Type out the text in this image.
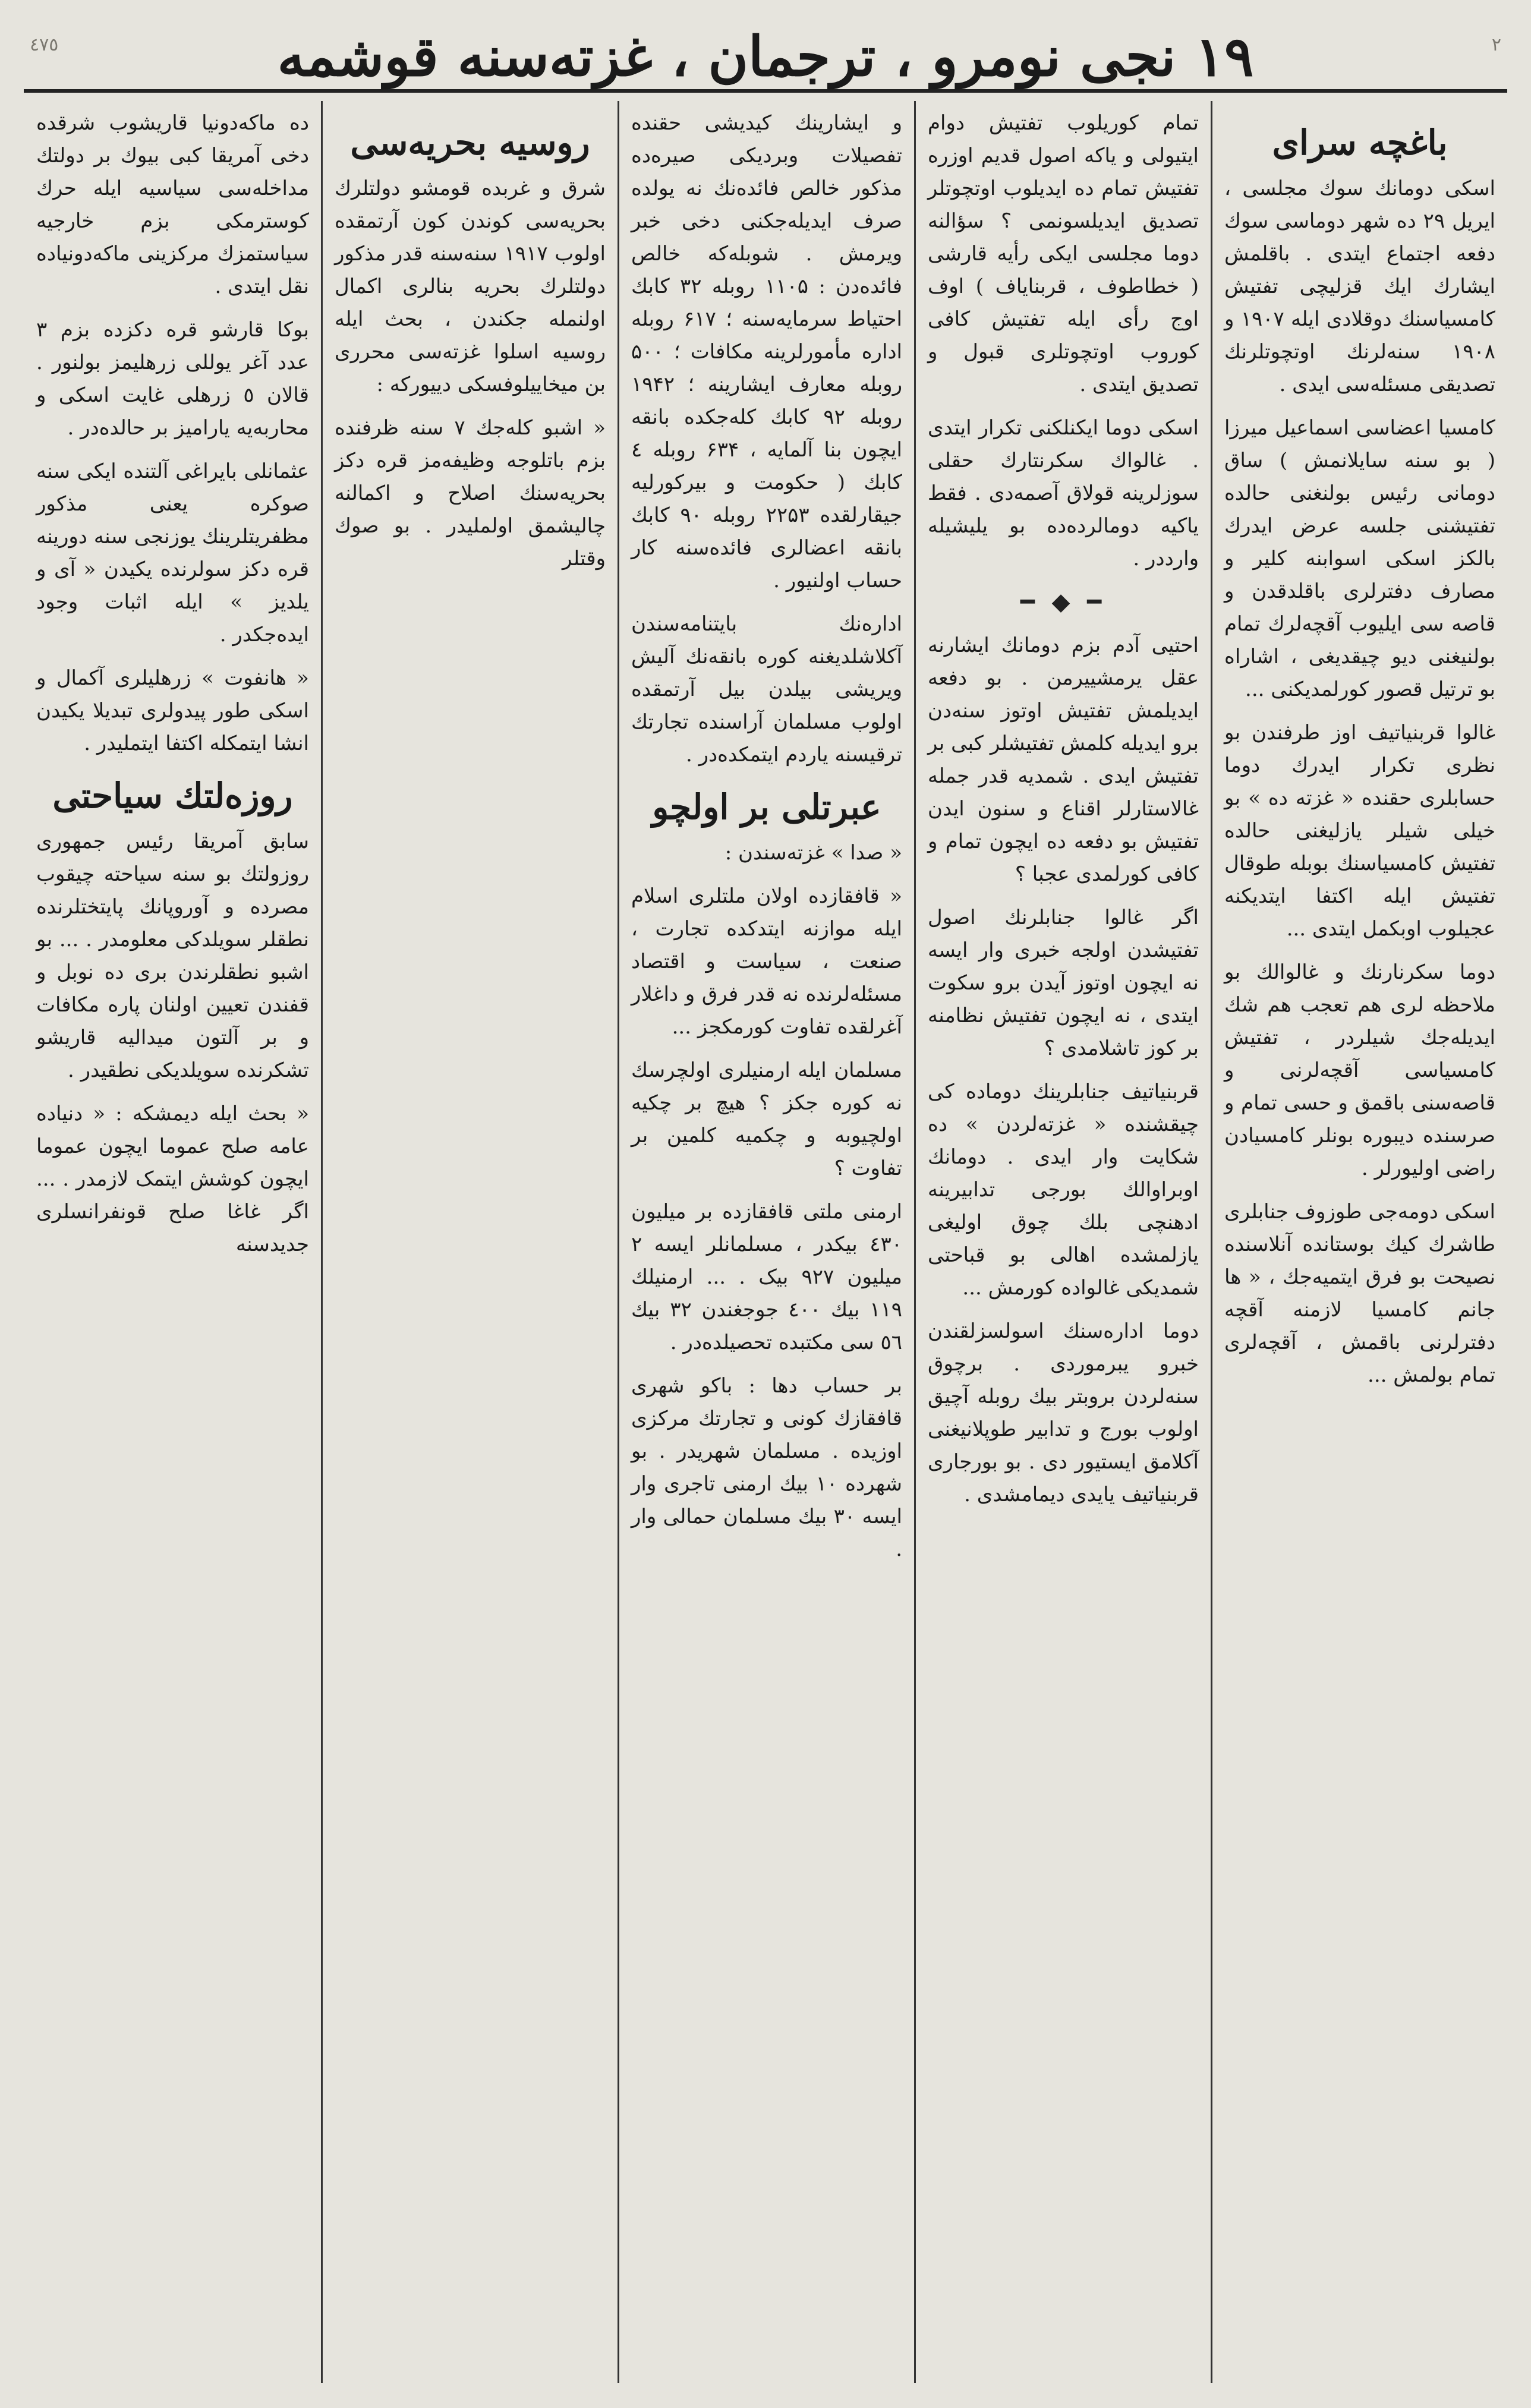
٤٧٥	١٩ نجی نومرو ، ترجمان ، غزتەسنە قوشمە	٢
باغچه سرای

اسکی دومانك سوك مجلسی ، ایریل ۲۹ ده شهر دوماسی سوك دفعه اجتماع ایتدی . باقلمش ایشارك ایك قزلیچی تفتیش کامسیاسنك دوقلادی ایله ۱۹۰۷ و ۱۹۰۸ سنەلرنك اوتچوتلرنك تصدیقی مسئلەسی ایدی .

کامسیا اعضاسی اسماعیل میرزا ( بو سنه سایلانمش ) ساق دومانی رئیس بولنغنی حالده تفتیشنی جلسه عرض ایدرك بالکز اسکی اسوابنه کلیر و مصارف دفترلری باقلدقدن و قاصه سی ایلیوب آقچەلرك تمام بولنیغنی دیو چیقدیغی ، اشاراه بو ترتیل قصور کورلمدیکنی ...

غالوا قربنیاتیف اوز طرفندن بو نظری تکرار ایدرك دوما حسابلری حقنده « غزته ده » بو خیلی شیلر یازلیغنی حالده تفتیش کامسیاسنك بوبله طوقال تفتیش ایله اکتفا ایتدیکنه عجیلوب اوبکمل ایتدی ...

دوما سکرنارنك و غالوالك بو ملاحظه لری هم تعجب هم شك ایدیلەجك شیلردر ، تفتیش کامسیاسی آقچەلرنی و قاصەسنی باقمق و حسی تمام و صرسنده دیبوره بونلر کامسیادن راضی اولیورلر .

اسکی دومەجی طوزوف جنابلری طاشرك کیك بوستانده آنلاسنده نصیحت بو فرق ایتمیەجك ، « ها جانم کامسیا لازمنه آقچه دفترلرنی باقمش ، آقچەلری تمام بولمش ...

تمام کوریلوب تفتیش دوام ایتیولی و یاکه اصول قدیم اوزره تفتیش تمام ده ایدیلوب اوتچوتلر تصدیق ایدیلسونمی ؟ سؤالنه دوما مجلسی ایکی رأیه قارشی ( خطاطوف ، قربنایاف ) اوف اوج رأی ایله تفتیش کافی کوروب اوتچوتلری قبول و تصدیق ایتدی .

اسکی دوما ایکنلکنی تکرار ایتدی . غالواك سکرنتارك حقلی سوزلرینه قولاق آصمەدی . فقط یاکیه دومالردەده بو یلیشیله وارددر .

━ ◆ ━

احتیی آدم بزم دومانك ایشارنه عقل یرمشییرمن . بو دفعه ایدیلمش تفتیش اوتوز سنەدن برو ایدیله کلمش تفتیشلر کبی بر تفتیش ایدی . شمدیه قدر جمله غالاستارلر اقناع و سنون ایدن تفتیش بو دفعه ده ایچون تمام و کافی کورلمدی عجبا ؟

اگر غالوا جنابلرنك اصول تفتیشدن اولجه خبری وار ایسه نه ایچون اوتوز آیدن برو سکوت ایتدی ، نه ایچون تفتیش نظامنه بر کوز تاشلامدی ؟

قربنیاتیف جنابلرینك دومادە کی چیقشنده « غزتەلردن » ده شکایت وار ایدی . دومانك اوبراوالك بورجی تدابیرینه ادھنچی بلك چوق اولیغی یازلمشده اهالی بو قباحتی شمدیکی غالوادە کورمش ...

دوما ادارەسنك اسولسزلقندن خبرو یبرموردی . برچوق سنەلردن بروبتر بیك روبلە آچیق اولوب بورج و تدابیر طوپلانیغنی آکلامق ایستیور دی . بو بورجاری قربنیاتیف یایدی دیمامشدی .

و ایشارینك کیدیشی حقنده تفصیلات وبردیکی صیرەده مذکور خالص فائدەنك نه یولده صرف ایدیلەجکنی دخی خبر ویرمش . شوبلەکه خالص فائدەدن : ۱۱۰۵ روبله ۳۲ کابك احتیاط سرمایەسنه ؛ ۶۱۷ روبله اداره مأمورلرینه مکافات ؛ ۵۰۰ روبله معارف ایشارینه ؛ ۱۹۴۲ روبله ۹۲ کابك کله‌جکده بانقه ایچون بنا آلمایه ، ۶۳۴ روبله ٤ کابك ( حکومت و بیرکورلیه جیقارلقده ۲۲۵۳ روبله ۹۰ کابك بانقه اعضالری فائدەسنه کار حساب اولنیور .

ادارەنك بایتنامەسندن آکلاشلدیغنه کوره بانقەنك آلیش ویریشی بیلدن بیل آرتمقده اولوب مسلمان آراسنده تجارتك ترقیسنه یاردم ایتمکدەدر .

عبرتلی بر اولچو

« صدا » غزتەسندن :

« قافقازده اولان ملتلری اسلام ایله موازنه ایتدکده تجارت ، صنعت ، سیاست و اقتصاد مسئلەلرنده نه قدر فرق و داغلار آغرلقده تفاوت کورمکجز ...

مسلمان ایله ارمنیلری اولچرسك نه کوره جکز ؟ هیچ بر چکیه اولچیوبه و چکمیه کلمین بر تفاوت ؟

ارمنی ملتی قافقازده بر میلیون ٤٣٠ بیکدر ، مسلمانلر ایسه ۲ میلیون ۹۲۷ بیک . ... ارمنیلك ۱۱۹ بیك ٤٠٠ جوجغندن ۳۲ بیك ٥٦ سی مکتبده تحصیلدەدر .

بر حساب دها : باکو شهری قافقازك کونی و تجارتك مرکزی اوزیده . مسلمان شهریدر . بو شهرده ۱۰ بیك ارمنی تاجری وار ایسه ۳۰ بیك مسلمان حمالی وار .

روسیه بحریەسی

شرق و غربده قومشو دولتلرك بحریەسی کوندن کون آرتمقده اولوب ۱۹۱۷ سنەسنه قدر مذکور دولتلرك بحریه بنالری اکمال اولنمله جکندن ، بحث ایله روسیه اسلوا غزتەسی محرری بن میخاییلوفسکی دییورکه :

« اشبو کلەجك ۷ سنه ظرفنده بزم باتلوجه وظیفەمز قره دکز بحریەسنك اصلاح و اکمالنه چالیشمق اولملیدر . بو صوك وقتلر

ده ماکەدونیا قاریشوب شرقده دخی آمریقا کبی بیوك بر دولتك مداخلەسی سیاسیه ایله حرك کوسترمکی بزم خارجیه سیاستمزك مرکزینی ماکەدونیاده نقل ایتدی .

بوکا قارشو قره دکزده بزم ۳ عدد آغر یوللی زرهلیمز بولنور . قالان ٥ زرهلی غایت اسکی و محاربەیه یارامیز بر حالدەدر .

عثمانلی بایراغی آلتنده ایکی سنه صوکره یعنی مذکور مظفریتلرینك یوزنجی سنه دورینه قره دکز سولرنده یکیدن « آی و یلدیز » ایله اثبات وجود ایدەجکدر .

« هانفوت » زرهلیلری آکمال و اسکی طور پیدولری تبدیلا یکیدن انشا ایتمکله اکتفا ایتملیدر .

روزەلتك سیاحتی

سابق آمریقا رئیس جمهوری روزولتك بو سنه سیاحته چیقوب مصرده و آوروپانك پایتختلرنده نطقلر سویلدکی معلومدر . ... بو اشبو نطقلرندن بری ده نوبل و قفندن تعیین اولنان پاره مکافات و بر آلتون میدالیه قاریشو تشکرنده سویلدیکی نطقیدر .

« بحث ایله دیمشکه : « دنیاده عامه صلح عموما ایچون عموما ایچون کوشش ایتمک لازمدر . ... اگر غاغا صلح قونفرانسلری جدیدسنه
